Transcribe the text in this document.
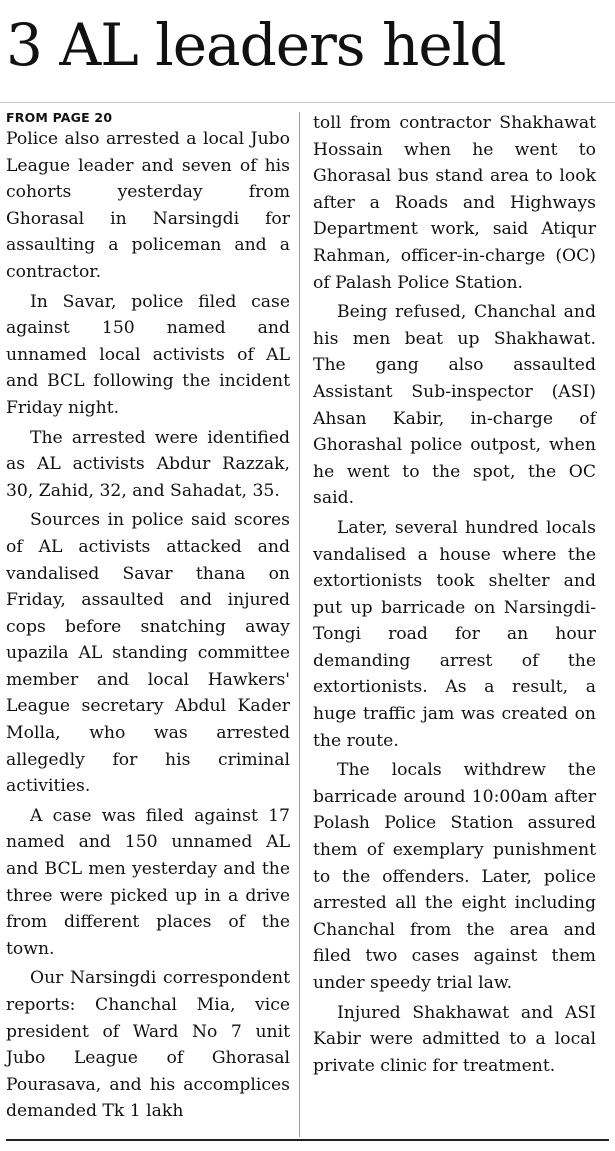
3 AL leaders held
FROM PAGE 20

Police also arrested a local Jubo League leader and seven of his cohorts yesterday from Ghorasal in Narsingdi for assaulting a policeman and a contractor.

In Savar, police filed case against 150 named and unnamed local activists of AL and BCL following the incident Friday night.

The arrested were identified as AL activists Abdur Razzak, 30, Zahid, 32, and Sahadat, 35.

Sources in police said scores of AL activists attacked and vandalised Savar thana on Friday, assaulted and injured cops before snatching away upazila AL standing committee member and local Hawkers' League secretary Abdul Kader Molla, who was arrested allegedly for his criminal activities.

A case was filed against 17 named and 150 unnamed AL and BCL men yesterday and the three were picked up in a drive from different places of the town.

Our Narsingdi correspondent reports: Chanchal Mia, vice president of Ward No 7 unit Jubo League of Ghorasal Pourasava, and his accomplices demanded Tk 1 lakh

toll from contractor Shakhawat Hossain when he went to Ghorasal bus stand area to look after a Roads and Highways Department work, said Atiqur Rahman, officer-in-charge (OC) of Palash Police Station.

Being refused, Chanchal and his men beat up Shakhawat. The gang also assaulted Assistant Sub-inspector (ASI) Ahsan Kabir, in-charge of Ghorashal police outpost, when he went to the spot, the OC said.

Later, several hundred locals vandalised a house where the extortionists took shelter and put up barricade on Narsingdi-Tongi road for an hour demanding arrest of the extortionists. As a result, a huge traffic jam was created on the route.

The locals withdrew the barricade around 10:00am after Polash Police Station assured them of exemplary punishment to the offenders. Later, police arrested all the eight including Chanchal from the area and filed two cases against them under speedy trial law.

Injured Shakhawat and ASI Kabir were admitted to a local private clinic for treatment.
